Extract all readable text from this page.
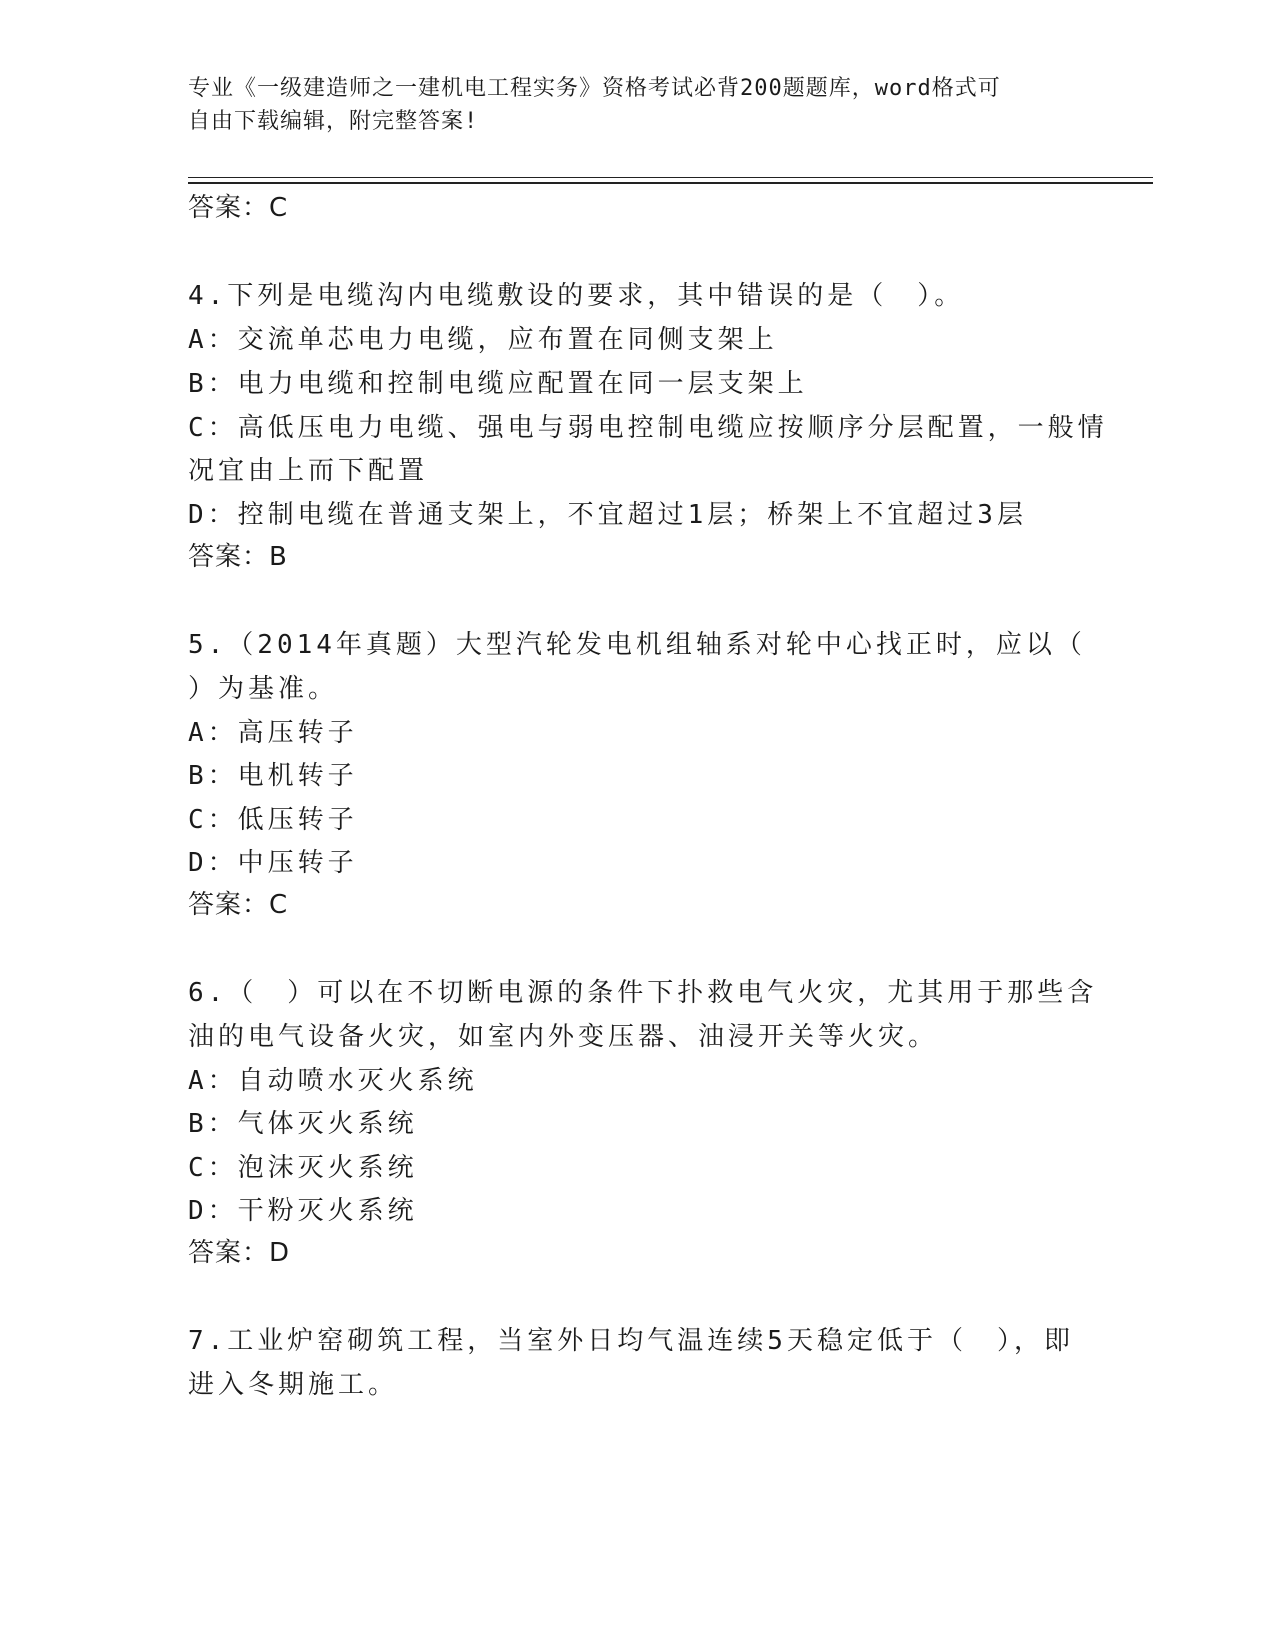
专业《一级建造师之一建机电工程实务》资格考试必背200题题库，word格式可
自由下载编辑，附完整答案!
答案：C
4.下列是电缆沟内电缆敷设的要求，其中错误的是（　）。
A：交流单芯电力电缆，应布置在同侧支架上
B：电力电缆和控制电缆应配置在同一层支架上
C：高低压电力电缆、强电与弱电控制电缆应按顺序分层配置，一般情
况宜由上而下配置
D：控制电缆在普通支架上，不宜超过1层；桥架上不宜超过3层
答案：B
5.（2014年真题）大型汽轮发电机组轴系对轮中心找正时，应以（
）为基准。
A：高压转子
B：电机转子
C：低压转子
D：中压转子
答案：C
6.（　）可以在不切断电源的条件下扑救电气火灾，尤其用于那些含
油的电气设备火灾，如室内外变压器、油浸开关等火灾。
A：自动喷水灭火系统
B：气体灭火系统
C：泡沫灭火系统
D：干粉灭火系统
答案：D
7.工业炉窑砌筑工程，当室外日均气温连续5天稳定低于（　），即
进入冬期施工。
